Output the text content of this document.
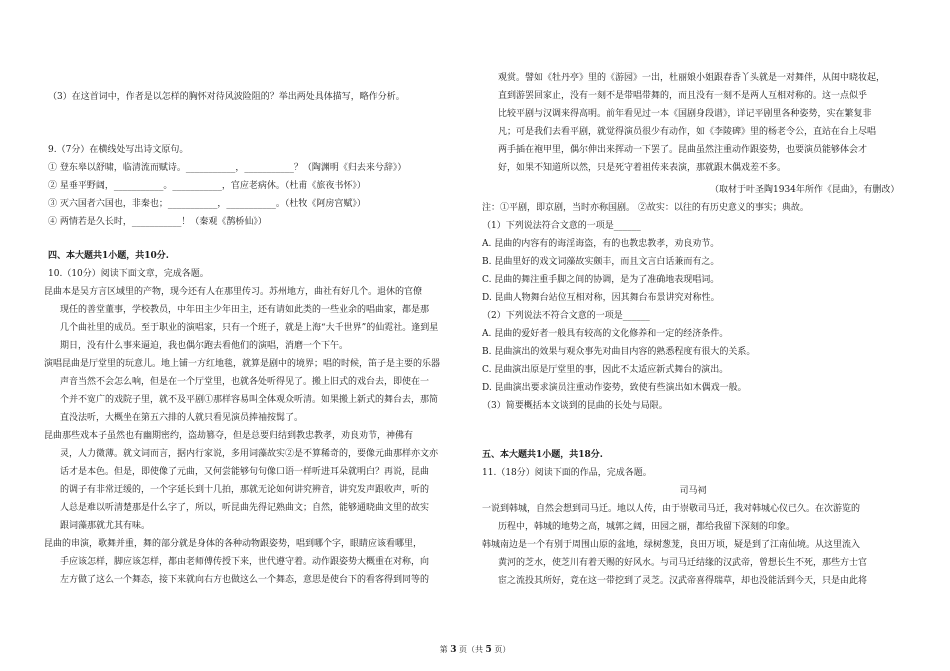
（3）在这首词中，作者是以怎样的胸怀对待风波险阻的？举出两处具体描写，略作分析。
9.（7分）在横线处写出诗文原句。
① 登东皋以舒啸，临清流而赋诗。___________，___________？（陶渊明《归去来兮辞》）
② 星垂平野阔，___________。___________，官应老病休。（杜甫《旅夜书怀》）
③ 灭六国者六国也，非秦也；___________，___________。（杜牧《阿房宫赋》）
④ 两情若是久长时，___________！（秦观《鹊桥仙》）
四、本大题共1小题，共10分.
10.（10分）阅读下面文章，完成各题。
昆曲本是吴方言区域里的产物，现今还有人在那里传习。苏州地方，曲社有好几个。退休的官僚
现任的善堂董事，学校教员，中年田主少年田主，还有请如此类的一些业余的唱曲家，都是那
几个曲社里的成员。至于职业的演唱家，只有一个班子，就是上海“大千世界”的仙霓社。逢到星
期日，没有什么事来逼迫，我也偶尔跑去看他们的演唱，消磨一个下午。
演唱昆曲是厅堂里的玩意儿。地上铺一方红地毯，就算是剧中的境界；唱的时候，笛子是主要的乐器
声音当然不会怎么响，但是在一个厅堂里，也就各处听得见了。搬上旧式的戏台去，即使在一
个并不宽广的戏院子里，就不及平剧①那样容易叫全体观众听清。如果搬上新式的舞台去，那简
直没法听，大概坐在第五六排的人就只看见演员捧袖按髯了。
昆曲那些戏本子虽然也有幽期密约，盗劫篡夺，但是总要归结到教忠教孝，劝良劝节，神佛有
灵，人力微薄。就文词而言，据内行家说，多用词藻故实②是不算稀奇的，要像元曲那样亦文亦
话才是本色。但是，即使像了元曲，又何尝能够句句像口语一样听进耳朵就明白？再说，昆曲
的调子有非常迂缓的，一个字延长到十几拍，那就无论如何讲究辨音，讲究发声跟收声，听的
人总是难以听清楚那是什么字了，所以，听昆曲先得记熟曲文；自然，能够通晓曲文里的故实
跟词藻那就尤其有味。
昆曲的串演，歌舞并重，舞的部分就是身体的各种动物跟姿势，唱到哪个字，眼睛应该看哪里，
手应该怎样，脚应该怎样，都由老师傅传授下来，世代遵守着。动作跟姿势大概重在对称，向
左方做了这么一个舞态，接下来就向右方也做这么一个舞态，意思是使台下的看客得到同等的
观赏。譬如《牡丹亭》里的《游园》一出，杜丽娘小姐跟春香丫头就是一对舞伴，从闺中晓妆起，
直到游罢回家止，没有一刻不是带唱带舞的，而且没有一刻不是两人互相对称的。这一点似乎
比较平剧与汉调来得高明。前年看见过一本《国剧身段谱》，详记平剧里各种姿势，实在繁复非
凡；可是我们去看平剧，就觉得演员很少有动作，如《李陵碑》里的杨老令公，直站在台上尽唱
两手插在袍甲里，偶尔伸出来挥动一下罢了。昆曲虽然注重动作跟姿势，也要演员能够体会才
好，如果不知道所以然，只是死守着祖传来表演，那就跟木偶戏差不多。
（取材于叶圣陶1934年所作《昆曲》，有删改）
注：①平剧，即京剧，当时亦称国剧。 ②故实：以往的有历史意义的事实；典故。
（1）下列说法符合文意的一项是______
A. 昆曲的内容有的诲淫诲盗，有的也教忠教孝，劝良劝节。
B. 昆曲里好的戏文词藻故实颇丰，而且文言白话兼而有之。
C. 昆曲的舞注重手脚之间的协调，是为了准确地表现唱词。
D. 昆曲人物舞台站位互相对称，因其舞台布景讲究对称性。
（2）下列说法不符合文意的一项是______
A. 昆曲的爱好者一般具有较高的文化修养和一定的经济条件。
B. 昆曲演出的效果与观众事先对曲目内容的熟悉程度有很大的关系。
C. 昆曲演出原是厅堂里的事，因此不太适应新式舞台的演出。
D. 昆曲演出要求演员注重动作姿势，致使有些演出如木偶戏一般。
（3）简要概括本文谈到的昆曲的长处与局限。
五、本大题共1小题，共18分.
11.（18分）阅读下面的作品，完成各题。
司马祠
一说到韩城，自然会想到司马迁。地以人传，由于崇敬司马迁，我对韩城心仪已久。在次游览的
历程中，韩城的地势之高，城郭之阔，田园之丽，都给我留下深刻的印象。
韩城南边是一个有别于周围山原的盆地，绿树葱茏，良田万顷，疑是到了江南仙境。从这里流入
黄河的芝水，使芝川有着天赐的好风水。与司马迁结缘的汉武帝，曾想长生不死，那些方士官
宦之流投其所好，竟在这一带挖到了灵芝。汉武帝喜得瑞草，却也没能活到今天，只是由此将
第 3 页（共 5 页）
